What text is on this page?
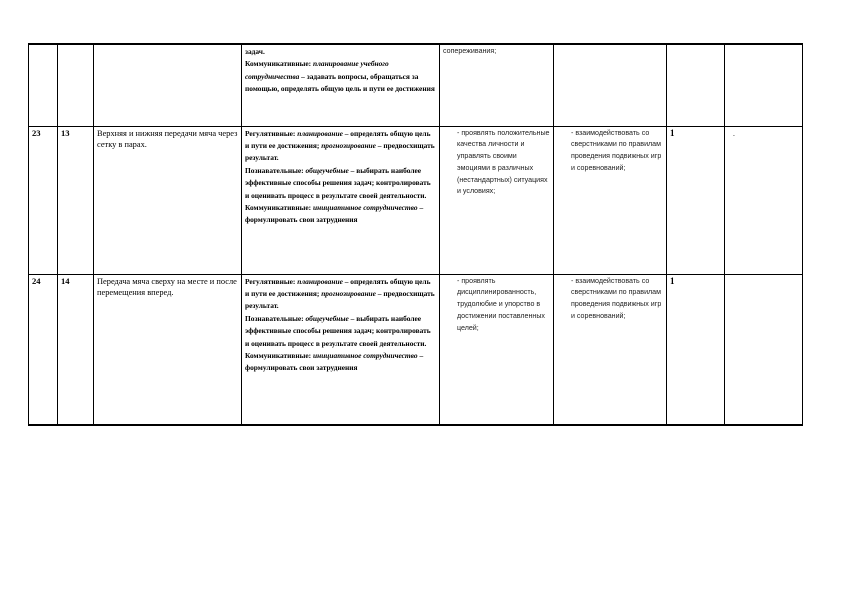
			задач.
Коммуникативные: планирование учебного сотрудничества – задавать вопросы, обращаться за помощью, определять общую цель и пути ее достижения	сопереживания;			

23	13	Верхняя и нижняя передачи мяча через сетку в парах.	Регулятивные: планирование – определять общую цель и пути ее достижения; прогнозирование – предвосхищать результат.
Познавательные: общеучебные – выбирать наиболее эффективные способы решения задач; контролировать и оценивать процесс в результате своей деятельности.
Коммуникативные: инициативное сотрудничество – формулировать свои затруднения	- проявлять положительные качества личности и управлять своими эмоциями в различных (нестандартных) ситуациях и условиях;	- взаимодействовать со сверстниками по правилам проведения подвижных игр и соревнований;	1	.
24	14	Передача мяча сверху на месте и после перемещения вперед.	Регулятивные: планирование – определять общую цель и пути ее достижения; прогнозирование – предвосхищать результат.
Познавательные: общеучебные – выбирать наиболее эффективные способы решения задач; контролировать и оценивать процесс в результате своей деятельности.
Коммуникативные: инициативное сотрудничество – формулировать свои затруднения	- проявлять дисциплинированность, трудолюбие и упорство в достижении поставленных целей;	- взаимодействовать со сверстниками по правилам проведения подвижных игр и соревнований;	1	
